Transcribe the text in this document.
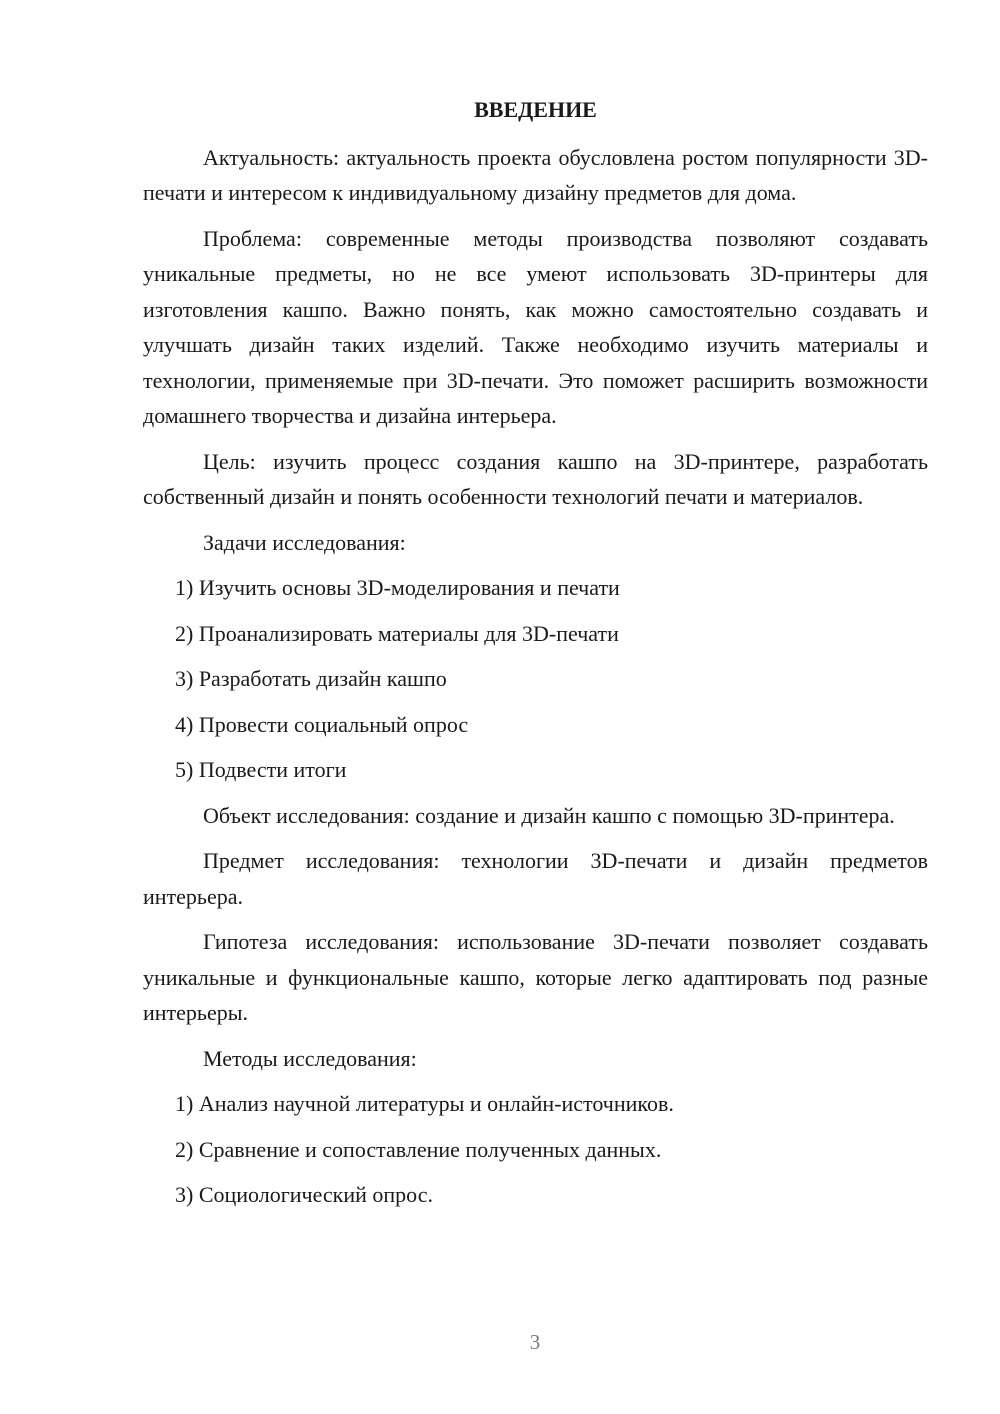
ВВЕДЕНИЕ

Актуальность: актуальность проекта обусловлена ростом популярности 3D-печати и интересом к индивидуальному дизайну предметов для дома.

Проблема: современные методы производства позволяют создавать уникальные предметы, но не все умеют использовать 3D-принтеры для изготовления кашпо. Важно понять, как можно самостоятельно создавать и улучшать дизайн таких изделий. Также необходимо изучить материалы и технологии, применяемые при 3D-печати. Это поможет расширить возможности домашнего творчества и дизайна интерьера.

Цель: изучить процесс создания кашпо на 3D-принтере, разработать собственный дизайн и понять особенности технологий печати и материалов.

Задачи исследования:

1) Изучить основы 3D-моделирования и печати
2) Проанализировать материалы для 3D-печати
3) Разработать дизайн кашпо
4) Провести социальный опрос
5) Подвести итоги

Объект исследования: создание и дизайн кашпо с помощью 3D-принтера.

Предмет исследования: технологии 3D-печати и дизайн предметов интерьера.

Гипотеза исследования: использование 3D-печати позволяет создавать уникальные и функциональные кашпо, которые легко адаптировать под разные интерьеры.

Методы исследования:

1) Анализ научной литературы и онлайн-источников.
2) Сравнение и сопоставление полученных данных.
3) Социологический опрос.
3
